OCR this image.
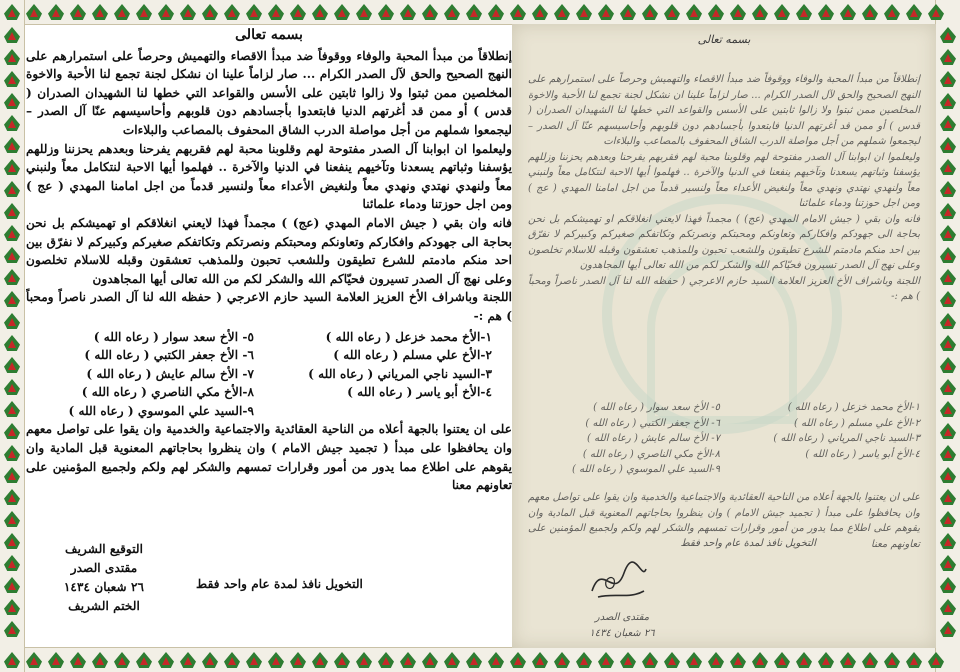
بسمه تعالى

إنطلاقاً من مبدأ المحبة والوفاء ووقوفاً ضد مبدأ الاقصاء والتهميش وحرصاً على استمرارهم على النهج الصحيح والحق لآل الصدر الكرام ... صار لزاماً علينا ان نشكل لجنة تجمع لنا الأحبة والاخوة المخلصين ممن ثبتوا ولا زالوا ثابتين على الأسس والقواعد التي خطها لنا الشهيدان الصدران ( قدس ) أو ممن قد أغرتهم الدنيا فابتعدوا بأجسادهم دون قلوبهم وأحاسيسهم عنّا آل الصدر – ليجمعوا شملهم من أجل مواصلة الدرب الشاق المحفوف بالمصاعب والبلاءات

وليعلموا ان ابوابنا آل الصدر مفتوحة لهم وقلوبنا محبة لهم فقربهم يفرحنا وبعدهم يحزننا وزللهم يؤسفنا وثباتهم يسعدنا وتآخيهم ينفعنا في الدنيا والآخرة .. فهلموا أيها الاحبة لنتكامل معاً ولنبني معاً ولنهدي نهتدي ونهدي معاً ولنغيض الأعداء معاً ولنسير قدماً من اجل امامنا المهدي ( عج ) ومن اجل حوزتنا ودماء علمائنا

فانه وان بقي ( جيش الامام المهدي (عج) ) مجمداً فهذا لايعني انغلاقكم او تهميشكم بل نحن بحاجة الى جهودكم وافكاركم وتعاونكم ومحبتكم ونصرتكم وتكاتفكم صغيركم وكبيركم لا نفرّق بين احد منكم مادمتم للشرع تطيقون وللشعب تحبون وللمذهب تعشقون وقبله للاسلام تخلصون وعلى نهج آل الصدر تسيرون فحيّاكم الله والشكر لكم من الله تعالى أيها المجاهدون

اللجنة وباشراف الأخ العزيز العلامة السيد حازم الاعرجي ( حفظه الله لنا آل الصدر ناصراً ومحباً ) هم :-

١-الأخ محمد خزعل ( رعاه الله )
٥- الأخ سعد سوار ( رعاه الله )
٢-الأخ علي مسلم ( رعاه الله )
٦- الأخ جعفر الكتبي ( رعاه الله )
٣-السيد ناجي المرياني ( رعاه الله )
٧- الأخ سالم عايش ( رعاه الله )
٤-الأخ أبو ياسر ( رعاه الله )
٨-الأخ مكي الناصري ( رعاه الله )
٩-السيد علي الموسوي ( رعاه الله )

على ان يعتنوا بالجهة أعلاه من الناحية العقائدية والاجتماعية والخدمية وان يقوا على تواصل معهم وان يحافظوا على مبدأ ( تجميد جيش الامام ) وان ينظروا بحاجاتهم المعنوية قبل المادية وان يقوهم على اطلاع مما يدور من أمور وقرارات تمسهم والشكر لهم ولكم ولجميع المؤمنين على تعاونهم معنا

التخويل نافذ لمدة عام واحد فقط
التوقيع الشريف
مقتدى الصدر
٢٦ شعبان ١٤٣٤
الختم الشريف
بسمه تعالى
إنطلاقاً من مبدأ المحبة والوفاء ووقوفاً ضد مبدأ الاقصاء والتهميش وحرصاً على استمرارهم على النهج الصحيح والحق لآل الصدر الكرام ... صار لزاماً علينا ان نشكل لجنة تجمع لنا الأحبة والاخوة المخلصين ممن ثبتوا ولا زالوا ثابتين على الأسس والقواعد التي خطها لنا الشهيدان الصدران ( قدس ) أو ممن قد أغرتهم الدنيا فابتعدوا بأجسادهم دون قلوبهم وأحاسيسهم عنّا آل الصدر – ليجمعوا شملهم من أجل مواصلة الدرب الشاق المحفوف بالمصاعب والبلاءات
وليعلموا ان ابوابنا آل الصدر مفتوحة لهم وقلوبنا محبة لهم فقربهم يفرحنا وبعدهم يحزننا وزللهم يؤسفنا وثباتهم يسعدنا وتآخيهم ينفعنا في الدنيا والآخرة .. فهلموا أيها الاحبة لنتكامل معاً ولنبني معاً ولنهدي نهتدي ونهدي معاً ولنغيض الأعداء معاً ولنسير قدماً من اجل امامنا المهدي ( عج ) ومن اجل حوزتنا ودماء علمائنا
فانه وان بقي ( جيش الامام المهدي (عج) ) مجمداً فهذا لايعني انغلاقكم او تهميشكم بل نحن بحاجة الى جهودكم وافكاركم وتعاونكم ومحبتكم ونصرتكم وتكاتفكم صغيركم وكبيركم لا نفرّق بين احد منكم مادمتم للشرع تطيقون وللشعب تحبون وللمذهب تعشقون وقبله للاسلام تخلصون وعلى نهج آل الصدر تسيرون فحيّاكم الله والشكر لكم من الله تعالى أيها المجاهدون
اللجنة وباشراف الأخ العزيز العلامة السيد حازم الاعرجي ( حفظه الله لنا آل الصدر ناصراً ومحباً ) هم :-
١-الأخ محمد خزعل ( رعاه الله )
٥- الأخ سعد سوار ( رعاه الله )
٢-الأخ علي مسلم ( رعاه الله )
٦- الأخ جعفر الكتبي ( رعاه الله )
٣-السيد ناجي المرياني ( رعاه الله )
٧- الأخ سالم عايش ( رعاه الله )
٤-الأخ أبو ياسر ( رعاه الله )
٨-الأخ مكي الناصري ( رعاه الله )
٩-السيد علي الموسوي ( رعاه الله )
على ان يعتنوا بالجهة أعلاه من الناحية العقائدية والاجتماعية والخدمية وان يقوا على تواصل معهم وان يحافظوا على مبدأ ( تجميد جيش الامام ) وان ينظروا بحاجاتهم المعنوية قبل المادية وان يقوهم على اطلاع مما يدور من أمور وقرارات تمسهم والشكر لهم ولكم ولجميع المؤمنين على تعاونهم معنا
التخويل نافذ لمدة عام واحد فقط
مقتدى الصدر
٢٦ شعبان ١٤٣٤
